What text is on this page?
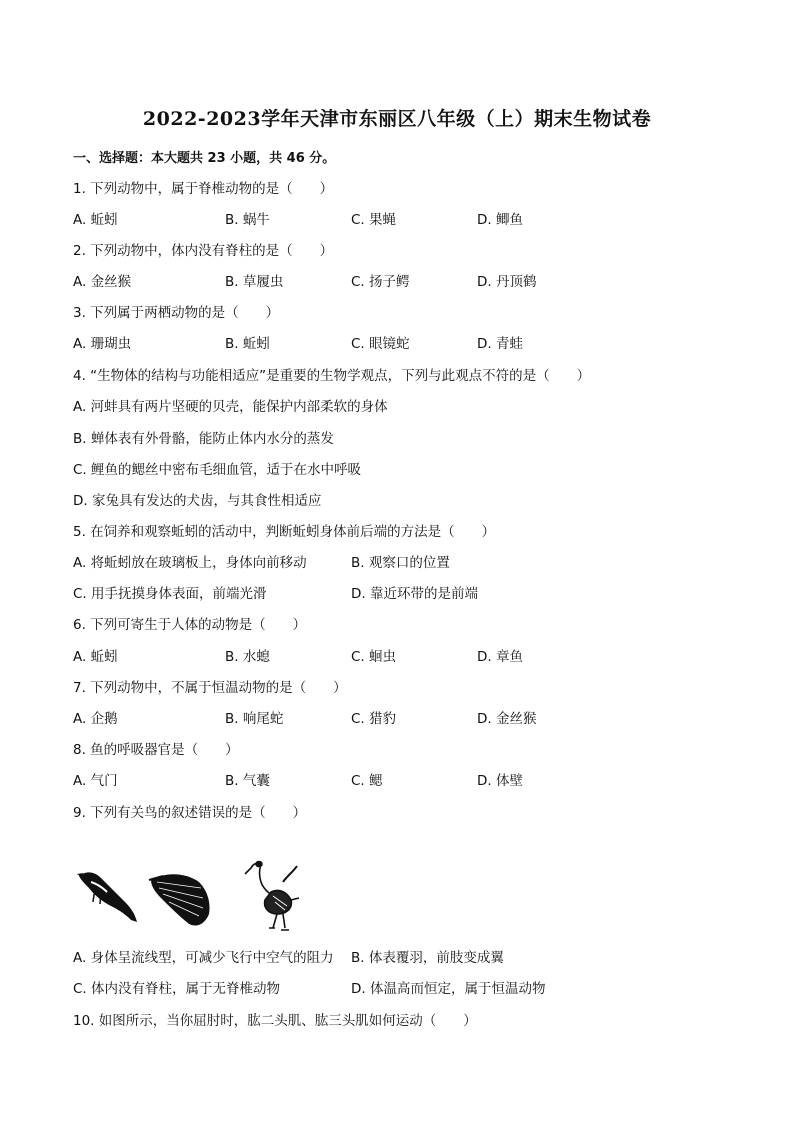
2022-2023学年天津市东丽区八年级（上）期末生物试卷
一、选择题：本大题共 23 小题，共 46 分。
1. 下列动物中，属于脊椎动物的是（　　）
A. 蚯蚓	B. 蜗牛	C. 果蝇	D. 鲫鱼
2. 下列动物中，体内没有脊柱的是（　　）
A. 金丝猴	B. 草履虫	C. 扬子鳄	D. 丹顶鹤
3. 下列属于两栖动物的是（　　）
A. 珊瑚虫	B. 蚯蚓	C. 眼镜蛇	D. 青蛙
4. “生物体的结构与功能相适应”是重要的生物学观点，下列与此观点不符的是（　　）
A. 河蚌具有两片坚硬的贝壳，能保护内部柔软的身体
B. 蝉体表有外骨骼，能防止体内水分的蒸发
C. 鲤鱼的鳃丝中密布毛细血管，适于在水中呼吸
D. 家兔具有发达的犬齿，与其食性相适应
5. 在饲养和观察蚯蚓的活动中，判断蚯蚓身体前后端的方法是（　　）
A. 将蚯蚓放在玻璃板上，身体向前移动	B. 观察口的位置
C. 用手抚摸身体表面，前端光滑	D. 靠近环带的是前端
6. 下列可寄生于人体的动物是（　　）
A. 蚯蚓	B. 水螅	C. 蛔虫	D. 章鱼
7. 下列动物中，不属于恒温动物的是（　　）
A. 企鹅	B. 响尾蛇	C. 猎豹	D. 金丝猴
8. 鱼的呼吸器官是（　　）
A. 气门	B. 气囊	C. 鳃	D. 体壁
9. 下列有关鸟的叙述错误的是（　　）
A. 身体呈流线型，可减少飞行中空气的阻力 B. 体表覆羽，前肢变成翼
C. 体内没有脊柱，属于无脊椎动物	D. 体温高而恒定，属于恒温动物
10. 如图所示，当你屈肘时，肱二头肌、肱三头肌如何运动（　　）
